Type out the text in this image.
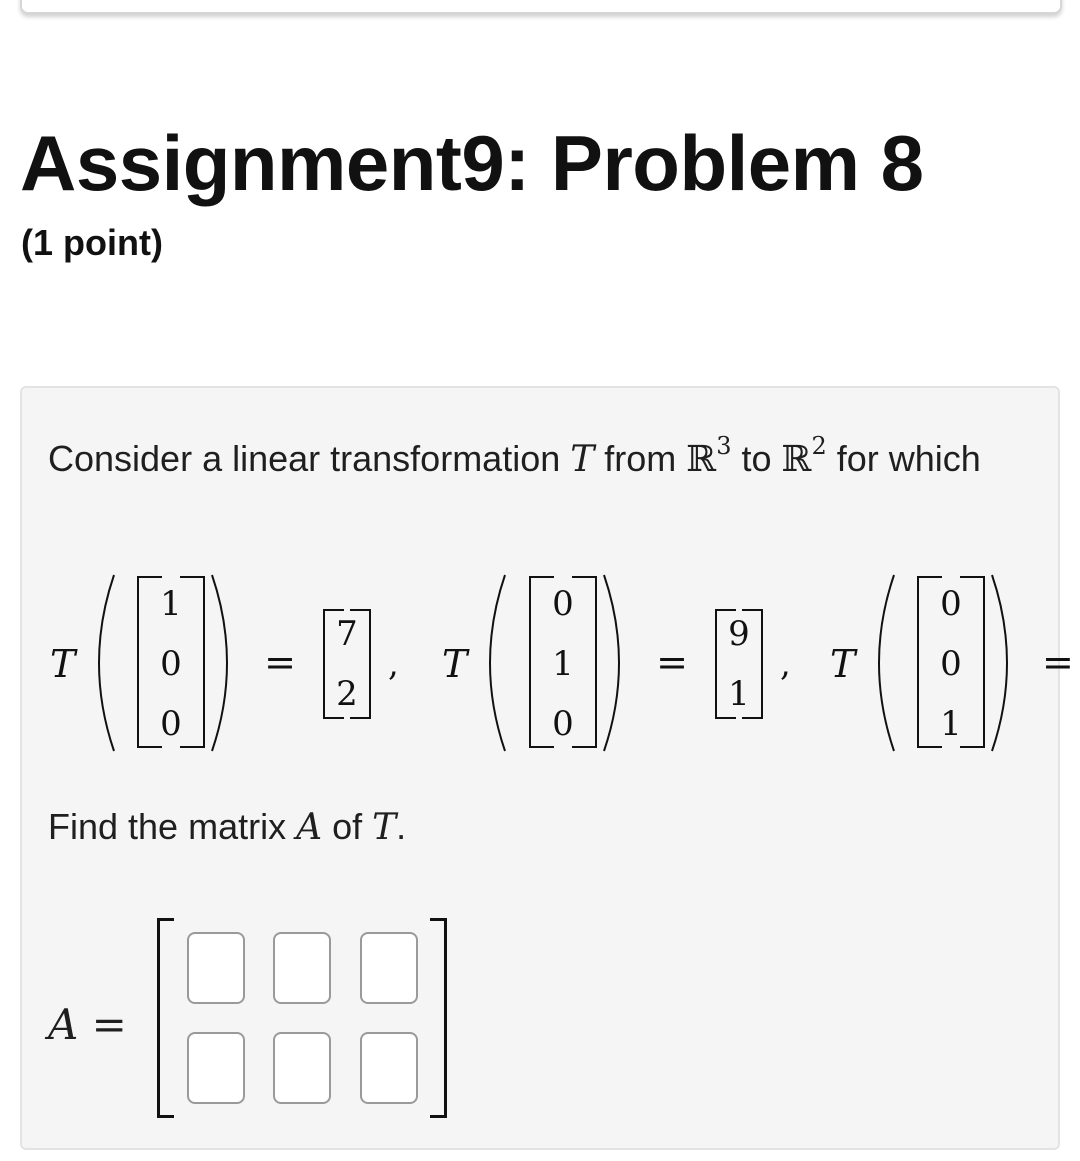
Assignment9: Problem 8
(1 point)
Consider a linear transformation T from ℝ$^3$ to ℝ$^2$ for which
T
1
0
0
=
7
2
, T
0
1
0
=
9
1
, T
0
0
1
=
Find the matrix A of T.
A =
